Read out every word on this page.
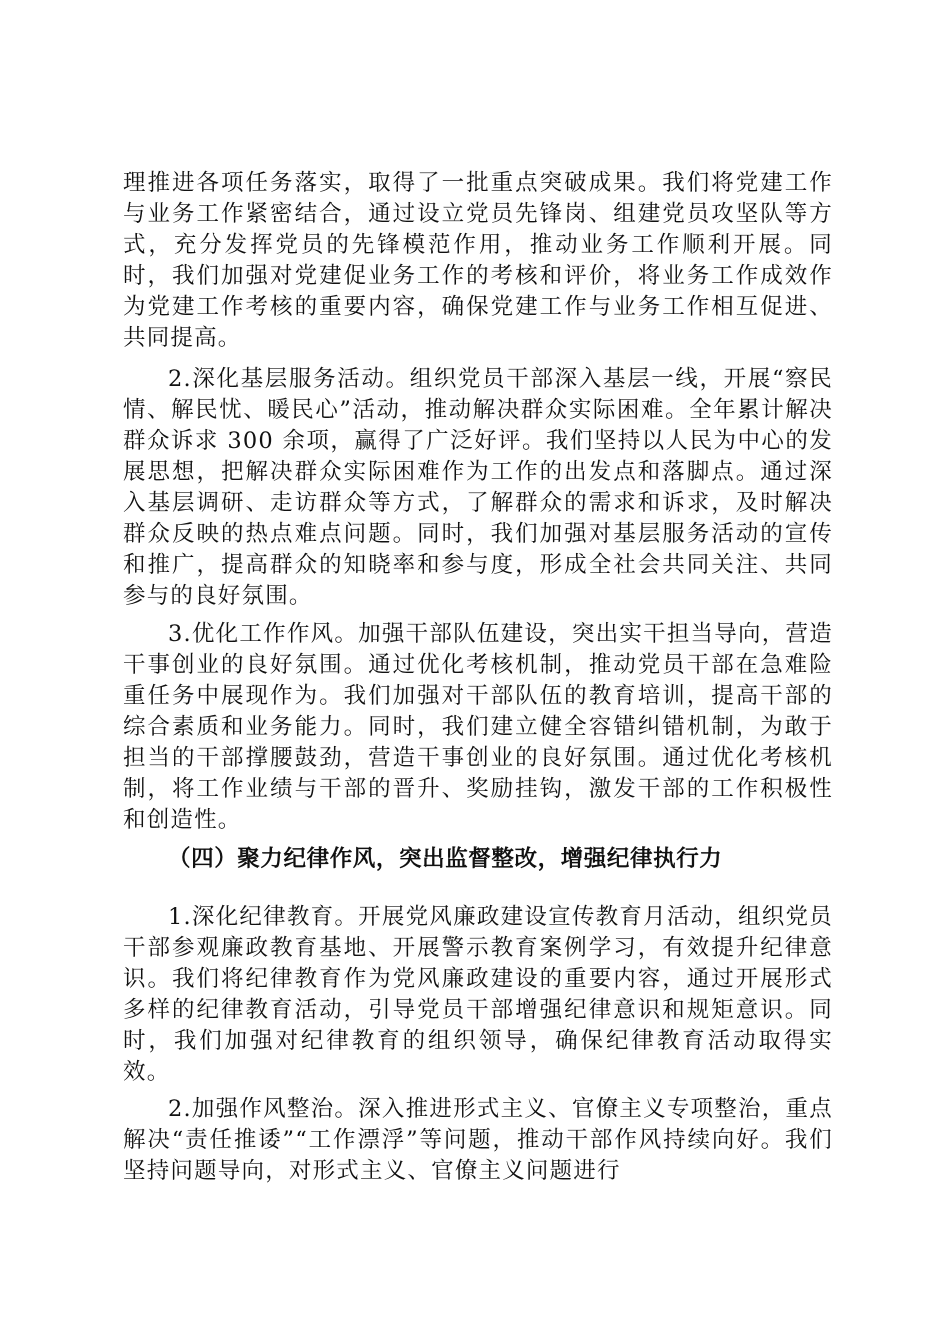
理推进各项任务落实，取得了一批重点突破成果。我们将党建工作与业务工作紧密结合，通过设立党员先锋岗、组建党员攻坚队等方式，充分发挥党员的先锋模范作用，推动业务工作顺利开展。同时，我们加强对党建促业务工作的考核和评价，将业务工作成效作为党建工作考核的重要内容，确保党建工作与业务工作相互促进、共同提高。

2.深化基层服务活动。组织党员干部深入基层一线，开展“察民情、解民忧、暖民心”活动，推动解决群众实际困难。全年累计解决群众诉求 300 余项，赢得了广泛好评。我们坚持以人民为中心的发展思想，把解决群众实际困难作为工作的出发点和落脚点。通过深入基层调研、走访群众等方式，了解群众的需求和诉求，及时解决群众反映的热点难点问题。同时，我们加强对基层服务活动的宣传和推广，提高群众的知晓率和参与度，形成全社会共同关注、共同参与的良好氛围。

3.优化工作作风。加强干部队伍建设，突出实干担当导向，营造干事创业的良好氛围。通过优化考核机制，推动党员干部在急难险重任务中展现作为。我们加强对干部队伍的教育培训，提高干部的综合素质和业务能力。同时，我们建立健全容错纠错机制，为敢于担当的干部撑腰鼓劲，营造干事创业的良好氛围。通过优化考核机制，将工作业绩与干部的晋升、奖励挂钩，激发干部的工作积极性和创造性。

（四）聚力纪律作风，突出监督整改，增强纪律执行力

1.深化纪律教育。开展党风廉政建设宣传教育月活动，组织党员干部参观廉政教育基地、开展警示教育案例学习，有效提升纪律意识。我们将纪律教育作为党风廉政建设的重要内容，通过开展形式多样的纪律教育活动，引导党员干部增强纪律意识和规矩意识。同时，我们加强对纪律教育的组织领导，确保纪律教育活动取得实效。

2.加强作风整治。深入推进形式主义、官僚主义专项整治，重点解决“责任推诿”“工作漂浮”等问题，推动干部作风持续向好。我们坚持问题导向，对形式主义、官僚主义问题进行
